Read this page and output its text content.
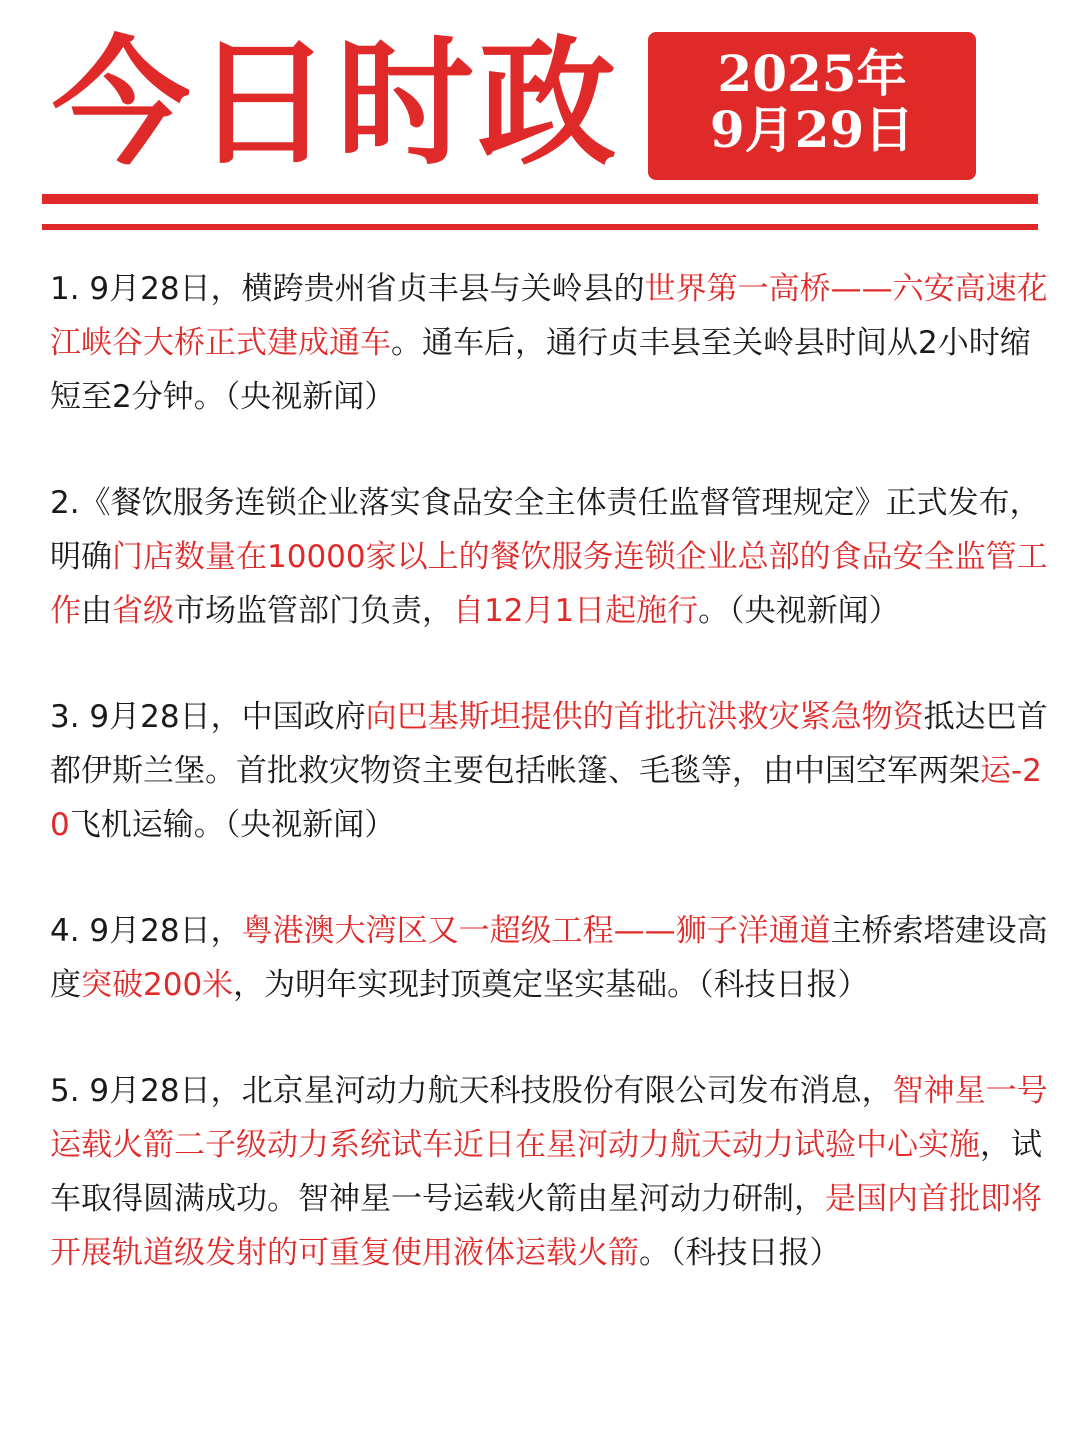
今日时政	2025年
9月29日

1. 9月28日，横跨贵州省贞丰县与关岭县的世界第一高桥——六安高速花江峡谷大桥正式建成通车。通车后，通行贞丰县至关岭县时间从2小时缩短至2分钟。（央视新闻）

2.《餐饮服务连锁企业落实食品安全主体责任监督管理规定》正式发布，明确门店数量在10000家以上的餐饮服务连锁企业总部的食品安全监管工作由省级市场监管部门负责，自12月1日起施行。（央视新闻）

3. 9月28日，中国政府向巴基斯坦提供的首批抗洪救灾紧急物资抵达巴首都伊斯兰堡。首批救灾物资主要包括帐篷、毛毯等，由中国空军两架运-20飞机运输。（央视新闻）

4. 9月28日，粤港澳大湾区又一超级工程——狮子洋通道主桥索塔建设高度突破200米，为明年实现封顶奠定坚实基础。（科技日报）

5. 9月28日，北京星河动力航天科技股份有限公司发布消息，智神星一号运载火箭二子级动力系统试车近日在星河动力航天动力试验中心实施，试车取得圆满成功。智神星一号运载火箭由星河动力研制，是国内首批即将开展轨道级发射的可重复使用液体运载火箭。（科技日报）
